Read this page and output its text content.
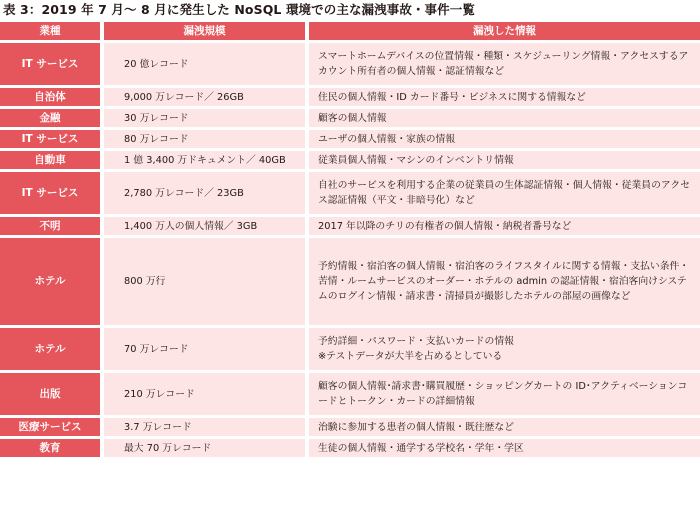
表 3：2019 年 7 月～ 8 月に発生した NoSQL 環境での主な漏洩事故・事件一覧
業種	漏洩規模	漏洩した情報
IT サービス	20 億レコード	スマートホームデバイスの位置情報・種類・スケジューリング情報・アクセスするアカウント所有者の個人情報・認証情報など
自治体	9,000 万レコード／ 26GB	住民の個人情報・ID カード番号・ビジネスに関する情報など
金融	30 万レコード	顧客の個人情報
IT サービス	80 万レコード	ユーザの個人情報・家族の情報
自動車	1 億 3,400 万ドキュメント／ 40GB	従業員個人情報・マシンのインベントリ情報
IT サービス	2,780 万レコード／ 23GB	自社のサービスを利用する企業の従業員の生体認証情報・個人情報・従業員のアクセス認証情報（平文・非暗号化）など
不明	1,400 万人の個人情報／ 3GB	2017 年以降のチリの有権者の個人情報・納税者番号など
ホテル	800 万行	予約情報・宿泊客の個人情報・宿泊客のライフスタイルに関する情報・支払い条件・苦情・ルームサービスのオーダー・ホテルの admin の認証情報・宿泊客向けシステムのログイン情報・請求書・清掃員が撮影したホテルの部屋の画像など
ホテル	70 万レコード	予約詳細・パスワード・支払いカードの情報
※テストデータが大半を占めるとしている
出版	210 万レコード	顧客の個人情報･請求書･購買履歴・ショッピングカートの ID･アクティベーションコードとトークン・カードの詳細情報
医療サービス	3.7 万レコード	治験に参加する患者の個人情報・既往歴など
教育	最大 70 万レコード	生徒の個人情報・通学する学校名・学年・学区
